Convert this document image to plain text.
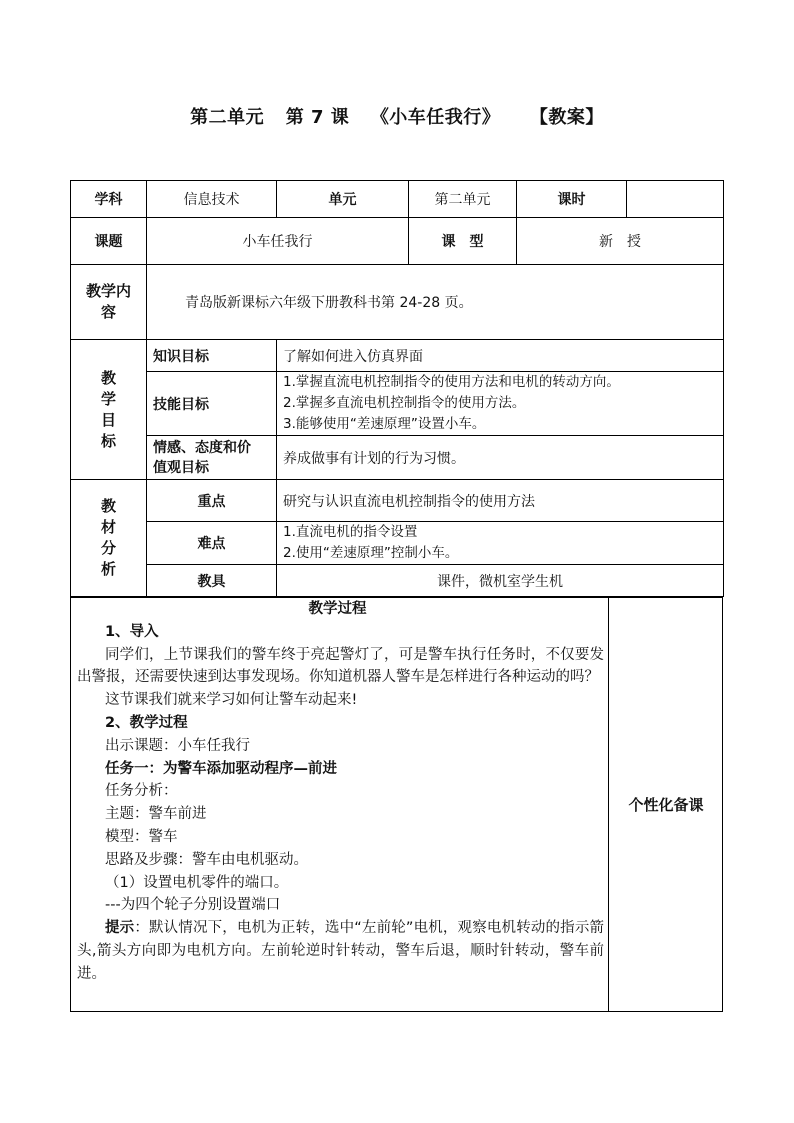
第二单元 第 7 课 《小车任我行》 【教案】
学科	信息技术	单元	第二单元	课时	
课题	小车任我行		课　型	新　授	
教学内容	青岛版新课标六年级下册教科书第 24-28 页。				

教
学
目
标	知识目标	了解如何进入仿真界面			
	技能目标	1.掌握直流电机控制指令的使用方法和电机的转动方向。
2.掌握多直流电机控制指令的使用方法。
3.能够使用“差速原理”设置小车。			

	情感、态度和价
值观目标	养成做事有计划的行为习惯。			

教
材
分
析	重点	研究与认识直流电机控制指令的使用方法			
	难点	1.直流电机的指令设置
2.使用“差速原理”控制小车。			

	教具	课件，微机室学生机			
教学过程
1、导入
同学们，上节课我们的警车终于亮起警灯了，可是警车执行任务时，不仅要发出警报，还需要快速到达事发现场。你知道机器人警车是怎样进行各种运动的吗？
这节课我们就来学习如何让警车动起来!
2、教学过程
出示课题：小车任我行
任务一：为警车添加驱动程序—前进
任务分析：
主题：警车前进
模型：警车
思路及步骤：警车由电机驱动。
（1）设置电机零件的端口。
---为四个轮子分别设置端口
提示：默认情况下，电机为正转，选中“左前轮”电机，观察电机转动的指示箭头,箭头方向即为电机方向。左前轮逆时针转动，警车后退，顺时针转动，警车前进。
个性化备课
